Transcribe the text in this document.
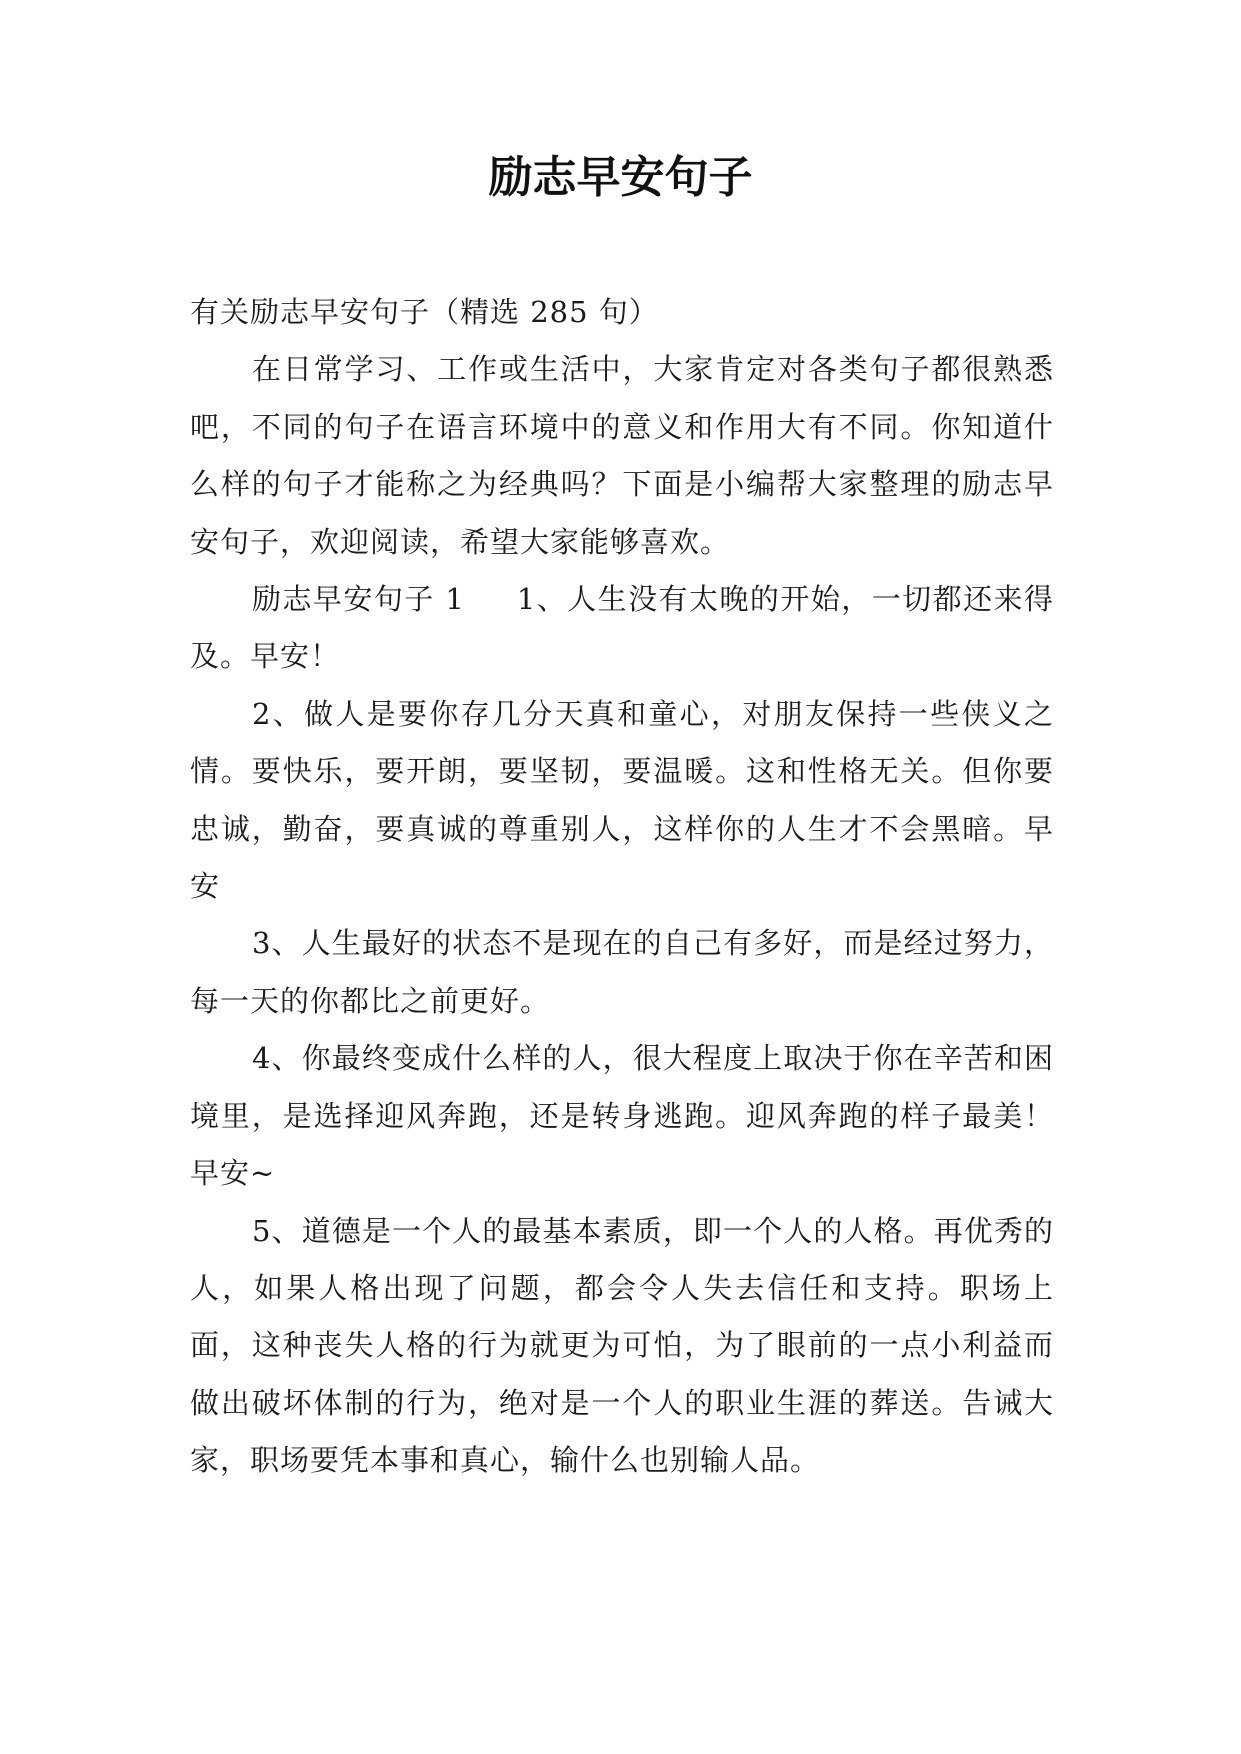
励志早安句子

有关励志早安句子（精选 285 句）

在日常学习、工作或生活中，大家肯定对各类句子都很熟悉吧，不同的句子在语言环境中的意义和作用大有不同。你知道什么样的句子才能称之为经典吗？下面是小编帮大家整理的励志早安句子，欢迎阅读，希望大家能够喜欢。

励志早安句子 1 1、人生没有太晚的开始，一切都还来得及。早安！

2、做人是要你存几分天真和童心，对朋友保持一些侠义之情。要快乐，要开朗，要坚韧，要温暖。这和性格无关。但你要忠诚，勤奋，要真诚的尊重别人，这样你的人生才不会黑暗。早安

3、人生最好的状态不是现在的自己有多好，而是经过努力，每一天的你都比之前更好。

4、你最终变成什么样的人，很大程度上取决于你在辛苦和困境里，是选择迎风奔跑，还是转身逃跑。迎风奔跑的样子最美！早安~

5、道德是一个人的最基本素质，即一个人的人格。再优秀的人，如果人格出现了问题，都会令人失去信任和支持。职场上面，这种丧失人格的行为就更为可怕，为了眼前的一点小利益而做出破坏体制的行为，绝对是一个人的职业生涯的葬送。告诫大家，职场要凭本事和真心，输什么也别输人品。
